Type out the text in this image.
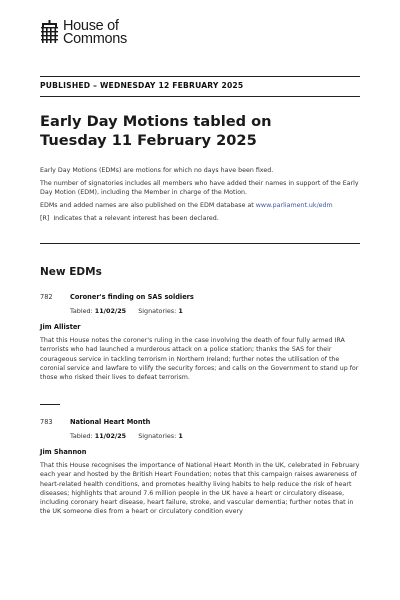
House of
Commons
PUBLISHED – WEDNESDAY 12 FEBRUARY 2025
Early Day Motions tabled on
Tuesday 11 February 2025

Early Day Motions (EDMs) are motions for which no days have been fixed.

The number of signatories includes all members who have added their names in support of the Early Day Motion (EDM), including the Member in charge of the Motion.

EDMs and added names are also published on the EDM database at www.parliament.uk/edm

[R] Indicates that a relevant interest has been declared.

New EDMs
782	Coroner's finding on SAS soldiers
Tabled: 11/02/25 Signatories: 1
Jim Allister
That this House notes the coroner's ruling in the case involving the death of four fully armed IRA terrorists who had launched a murderous attack on a police station; thanks the SAS for their courageous service in tackling terrorism in Northern Ireland; further notes the utilisation of the coronial service and lawfare to vilify the security forces; and calls on the Government to stand up for those who risked their lives to defeat terrorism.
783	National Heart Month
Tabled: 11/02/25 Signatories: 1
Jim Shannon
That this House recognises the importance of National Heart Month in the UK, celebrated in February each year and hosted by the British Heart Foundation; notes that this campaign raises awareness of heart-related health conditions, and promotes healthy living habits to help reduce the risk of heart diseases; highlights that around 7.6 million people in the UK have a heart or circulatory disease, including coronary heart disease, heart failure, stroke, and vascular dementia; further notes that in the UK someone dies from a heart or circulatory condition every
